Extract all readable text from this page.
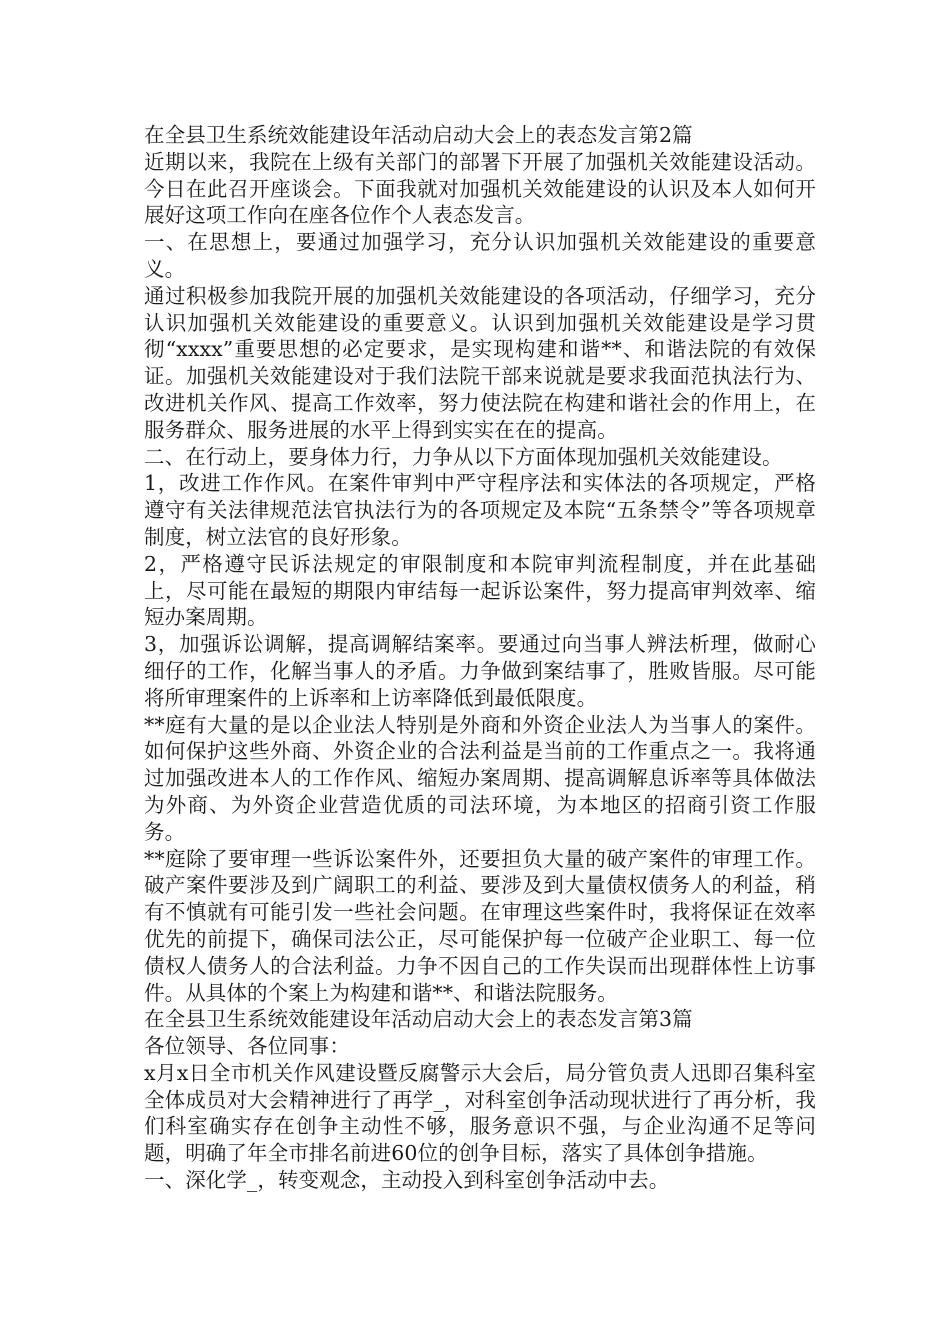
在全县卫生系统效能建设年活动启动大会上的表态发言第2篇

近期以来，我院在上级有关部门的部署下开展了加强机关效能建设活动。今日在此召开座谈会。下面我就对加强机关效能建设的认识及本人如何开展好这项工作向在座各位作个人表态发言。

一、在思想上，要通过加强学习，充分认识加强机关效能建设的重要意义。

通过积极参加我院开展的加强机关效能建设的各项活动，仔细学习，充分认识加强机关效能建设的重要意义。认识到加强机关效能建设是学习贯彻“xxxx”重要思想的必定要求，是实现构建和谐**、和谐法院的有效保证。加强机关效能建设对于我们法院干部来说就是要求我面范执法行为、改进机关作风、提高工作效率，努力使法院在构建和谐社会的作用上，在服务群众、服务进展的水平上得到实实在在的提高。

二、在行动上，要身体力行，力争从以下方面体现加强机关效能建设。

1，改进工作作风。在案件审判中严守程序法和实体法的各项规定，严格遵守有关法律规范法官执法行为的各项规定及本院“五条禁令”等各项规章制度，树立法官的良好形象。

2，严格遵守民诉法规定的审限制度和本院审判流程制度，并在此基础上，尽可能在最短的期限内审结每一起诉讼案件，努力提高审判效率、缩短办案周期。

3，加强诉讼调解，提高调解结案率。要通过向当事人辨法析理，做耐心细仔的工作，化解当事人的矛盾。力争做到案结事了，胜败皆服。尽可能将所审理案件的上诉率和上访率降低到最低限度。

**庭有大量的是以企业法人特别是外商和外资企业法人为当事人的案件。如何保护这些外商、外资企业的合法利益是当前的工作重点之一。我将通过加强改进本人的工作作风、缩短办案周期、提高调解息诉率等具体做法为外商、为外资企业营造优质的司法环境，为本地区的招商引资工作服务。

**庭除了要审理一些诉讼案件外，还要担负大量的破产案件的审理工作。破产案件要涉及到广阔职工的利益、要涉及到大量债权债务人的利益，稍有不慎就有可能引发一些社会问题。在审理这些案件时，我将保证在效率优先的前提下，确保司法公正，尽可能保护每一位破产企业职工、每一位债权人债务人的合法利益。力争不因自己的工作失误而出现群体性上访事件。从具体的个案上为构建和谐**、和谐法院服务。

在全县卫生系统效能建设年活动启动大会上的表态发言第3篇

各位领导、各位同事：

x月x日全市机关作风建设暨反腐警示大会后，局分管负责人迅即召集科室全体成员对大会精神进行了再学_，对科室创争活动现状进行了再分析，我们科室确实存在创争主动性不够，服务意识不强，与企业沟通不足等问题，明确了年全市排名前进60位的创争目标，落实了具体创争措施。

一、深化学_，转变观念，主动投入到科室创争活动中去。
